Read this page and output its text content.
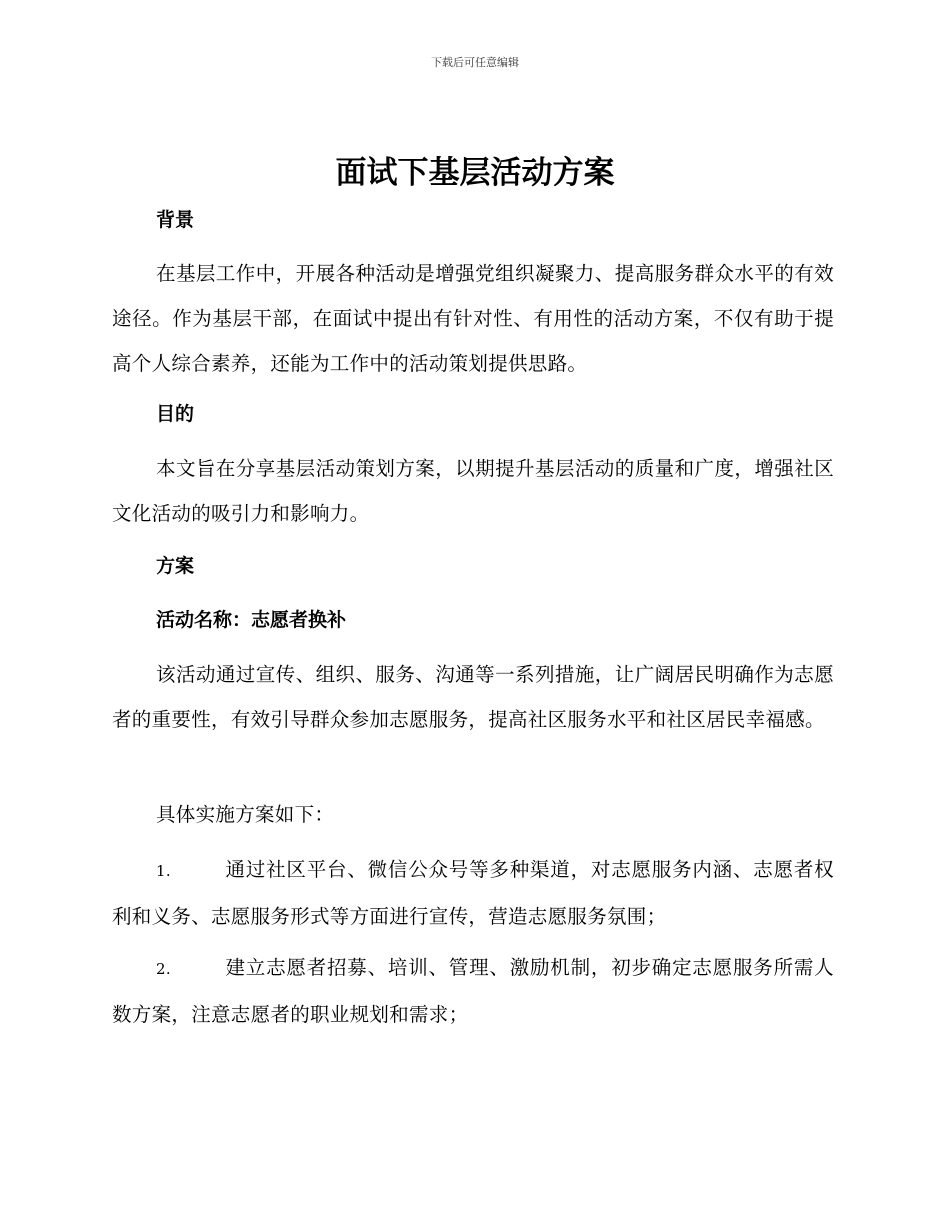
下载后可任意编辑
面试下基层活动方案
背景

在基层工作中，开展各种活动是增强党组织凝聚力、提高服务群众水平的有效途径。作为基层干部，在面试中提出有针对性、有用性的活动方案，不仅有助于提高个人综合素养，还能为工作中的活动策划提供思路。

目的

本文旨在分享基层活动策划方案，以期提升基层活动的质量和广度，增强社区文化活动的吸引力和影响力。

方案
活动名称：志愿者换补

该活动通过宣传、组织、服务、沟通等一系列措施，让广阔居民明确作为志愿者的重要性，有效引导群众参加志愿服务，提高社区服务水平和社区居民幸福感。

具体实施方案如下：

1.	通过社区平台、微信公众号等多种渠道，对志愿服务内涵、志愿者权利和义务、志愿服务形式等方面进行宣传，营造志愿服务氛围；

2.	建立志愿者招募、培训、管理、激励机制，初步确定志愿服务所需人数方案，注意志愿者的职业规划和需求；
